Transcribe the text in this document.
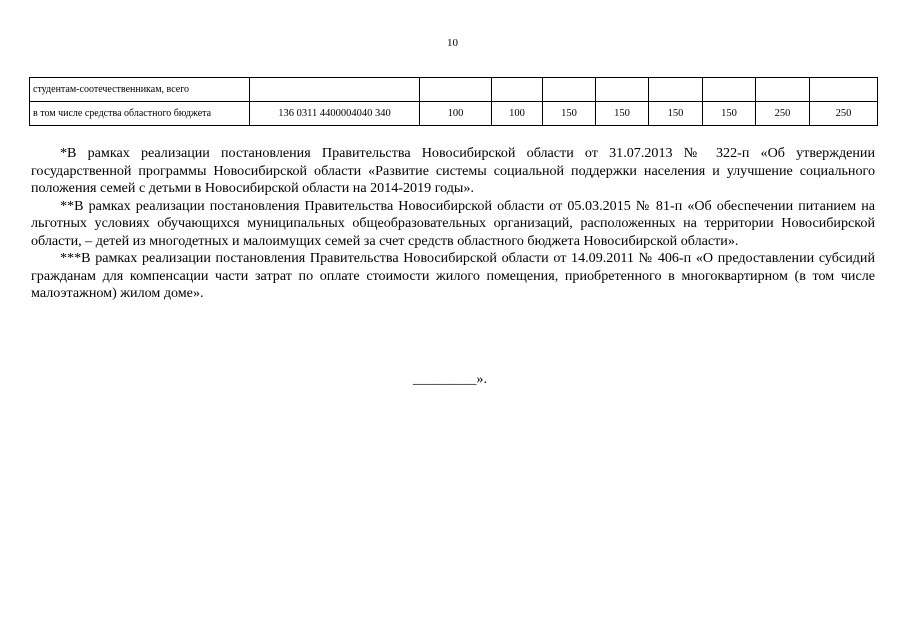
10
студентам-соотечественникам, всего									
в том числе средства областного бюджета	136 0311 4400004040 340	100	100	150	150	150	150	250	250

*В рамках реализации постановления Правительства Новосибирской области от 31.07.2013 № 322-п «Об утверждении государственной программы Новосибирской области «Развитие системы социальной поддержки населения и улучшение социального положения семей с детьми в Новосибирской области на 2014-2019 годы».

**В рамках реализации постановления Правительства Новосибирской области от 05.03.2015 № 81-п «Об обеспечении питанием на льготных условиях обучающихся муниципальных общеобразовательных организаций, расположенных на территории Новосибирской области, – детей из многодетных и малоимущих семей за счет средств областного бюджета Новосибирской области».

***В рамках реализации постановления Правительства Новосибирской области от 14.09.2011 № 406-п «О предоставлении субсидий гражданам для компенсации части затрат по оплате стоимости жилого помещения, приобретенного в многоквартирном (в том числе малоэтажном) жилом доме».

_________».
